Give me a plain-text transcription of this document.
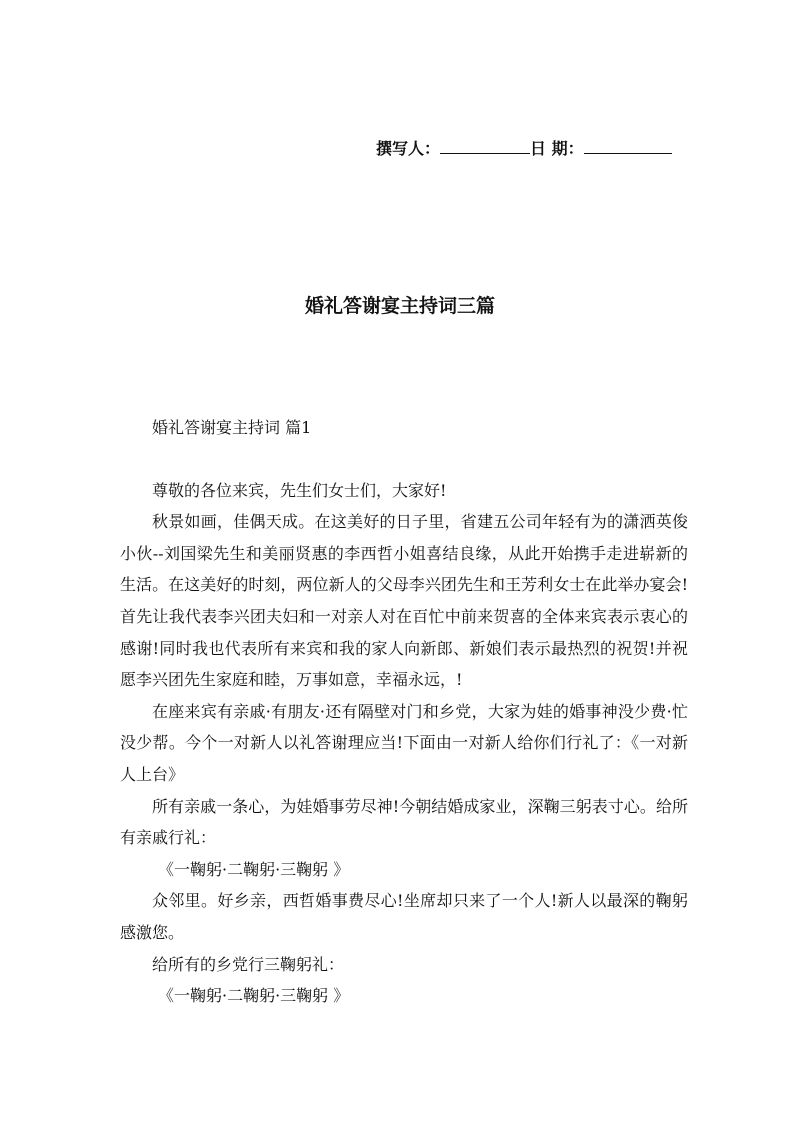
撰写人：	日 期：
婚礼答谢宴主持词三篇

婚礼答谢宴主持词 篇1

尊敬的各位来宾，先生们女士们，大家好!

秋景如画，佳偶天成。在这美好的日子里，省建五公司年轻有为的潇洒英俊小伙--刘国梁先生和美丽贤惠的李西哲小姐喜结良缘，从此开始携手走进崭新的生活。在这美好的时刻，两位新人的父母李兴团先生和王芳利女士在此举办宴会!首先让我代表李兴团夫妇和一对亲人对在百忙中前来贺喜的全体来宾表示衷心的感谢!同时我也代表所有来宾和我的家人向新郎、新娘们表示最热烈的祝贺!并祝愿李兴团先生家庭和睦，万事如意，幸福永远，!

在座来宾有亲戚·有朋友·还有隔壁对门和乡党，大家为娃的婚事神没少费·忙没少帮。今个一对新人以礼答谢理应当!下面由一对新人给你们行礼了：《一对新人上台》

所有亲戚一条心，为娃婚事劳尽神!今朝结婚成家业，深鞠三躬表寸心。给所有亲戚行礼：

《一鞠躬·二鞠躬·三鞠躬 》

众邻里。好乡亲，西哲婚事费尽心!坐席却只来了一个人!新人以最深的鞠躬感激您。

给所有的乡党行三鞠躬礼：

《一鞠躬·二鞠躬·三鞠躬 》
